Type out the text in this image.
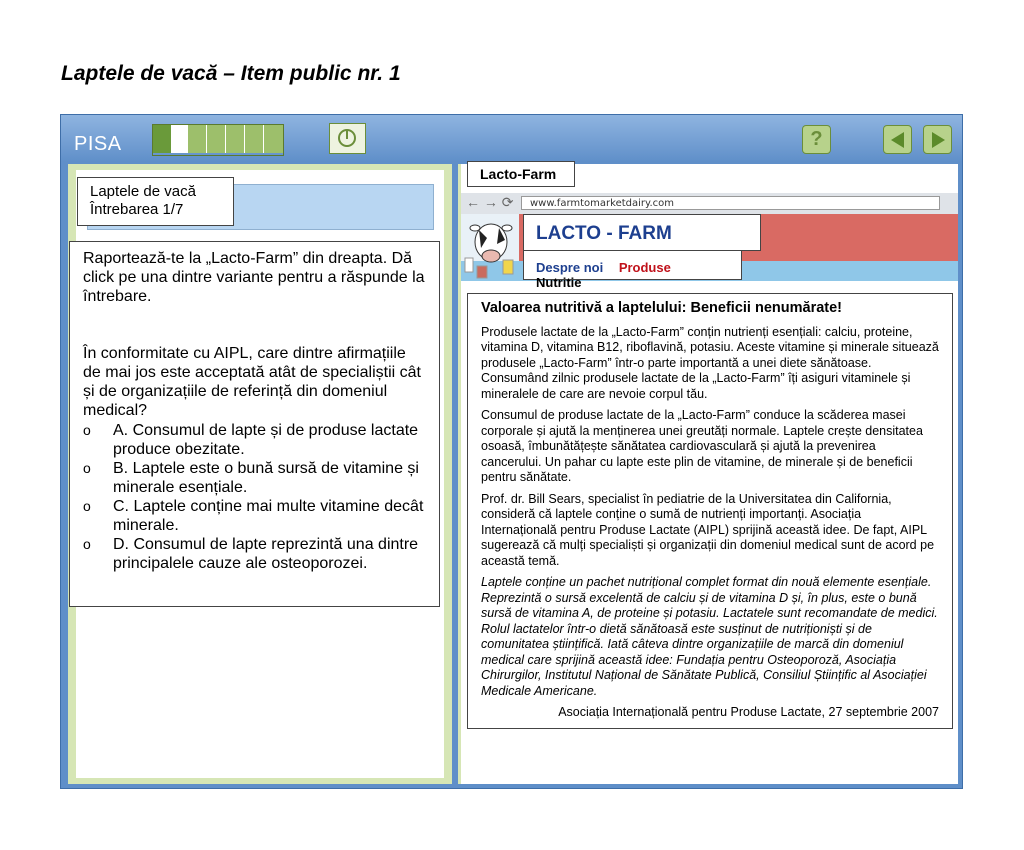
Laptele de vacă – Item public nr. 1
PISA	?
Laptele de vacă
Întrebarea 1/7

Raportează-te la „Lacto-Farm” din dreapta. Dă click pe una dintre variante pentru a răspunde la întrebare.

În conformitate cu AIPL, care dintre afirmațiile de mai jos este acceptată atât de specialiștii cât și de organizațiile de referință din domeniul medical?

o	A. Consumul de lapte și de produse lactate produce obezitate.
o	B. Laptele este o bună sursă de vitamine și minerale esențiale.
o	C. Laptele conține mai multe vitamine decât minerale.
o	D. Consumul de lapte reprezintă una dintre principalele cauze ale osteoporozei.
Lacto-Farm
← → ⟳	www.farmtomarketdairy.com
LACTO - FARM
Despre noi Produse Nutritie
Valoarea nutritivă a laptelului: Beneficii nenumărate!

Produsele lactate de la „Lacto-Farm” conțin nutrienți esențiali: calciu, proteine, vitamina D, vitamina B12, riboflavină, potasiu. Aceste vitamine și minerale situează produsele „Lacto-Farm” într-o parte importantă a unei diete sănătoase. Consumând zilnic produsele lactate de la „Lacto-Farm” îți asiguri vitaminele și mineralele de care are nevoie corpul tău.

Consumul de produse lactate de la „Lacto-Farm” conduce la scăderea masei corporale și ajută la menținerea unei greutăți normale. Laptele crește densitatea osoasă, îmbunătățește sănătatea cardiovasculară și ajută la prevenirea cancerului. Un pahar cu lapte este plin de vitamine, de minerale și de beneficii pentru sănătate.

Prof. dr. Bill Sears, specialist în pediatrie de la Universitatea din California, consideră că laptele conține o sumă de nutrienți importanți. Asociația Internațională pentru Produse Lactate (AIPL) sprijină această idee. De fapt, AIPL sugerează că mulți specialiști și organizații din domeniul medical sunt de acord pe această temă.

Laptele conține un pachet nutrițional complet format din nouă elemente esențiale. Reprezintă o sursă excelentă de calciu și de vitamina D și, în plus, este o bună sursă de vitamina A, de proteine și potasiu. Lactatele sunt recomandate de medici. Rolul lactatelor într-o dietă sănătoasă este susținut de nutriționiști și de comunitatea științifică. Iată câteva dintre organizațiile de marcă din domeniul medical care sprijină această idee: Fundația pentru Osteoporoză, Asociația Chirurgilor, Institutul Național de Sănătate Publică, Consiliul Științific al Asociației Medicale Americane.

Asociația Internațională pentru Produse Lactate, 27 septembrie 2007
